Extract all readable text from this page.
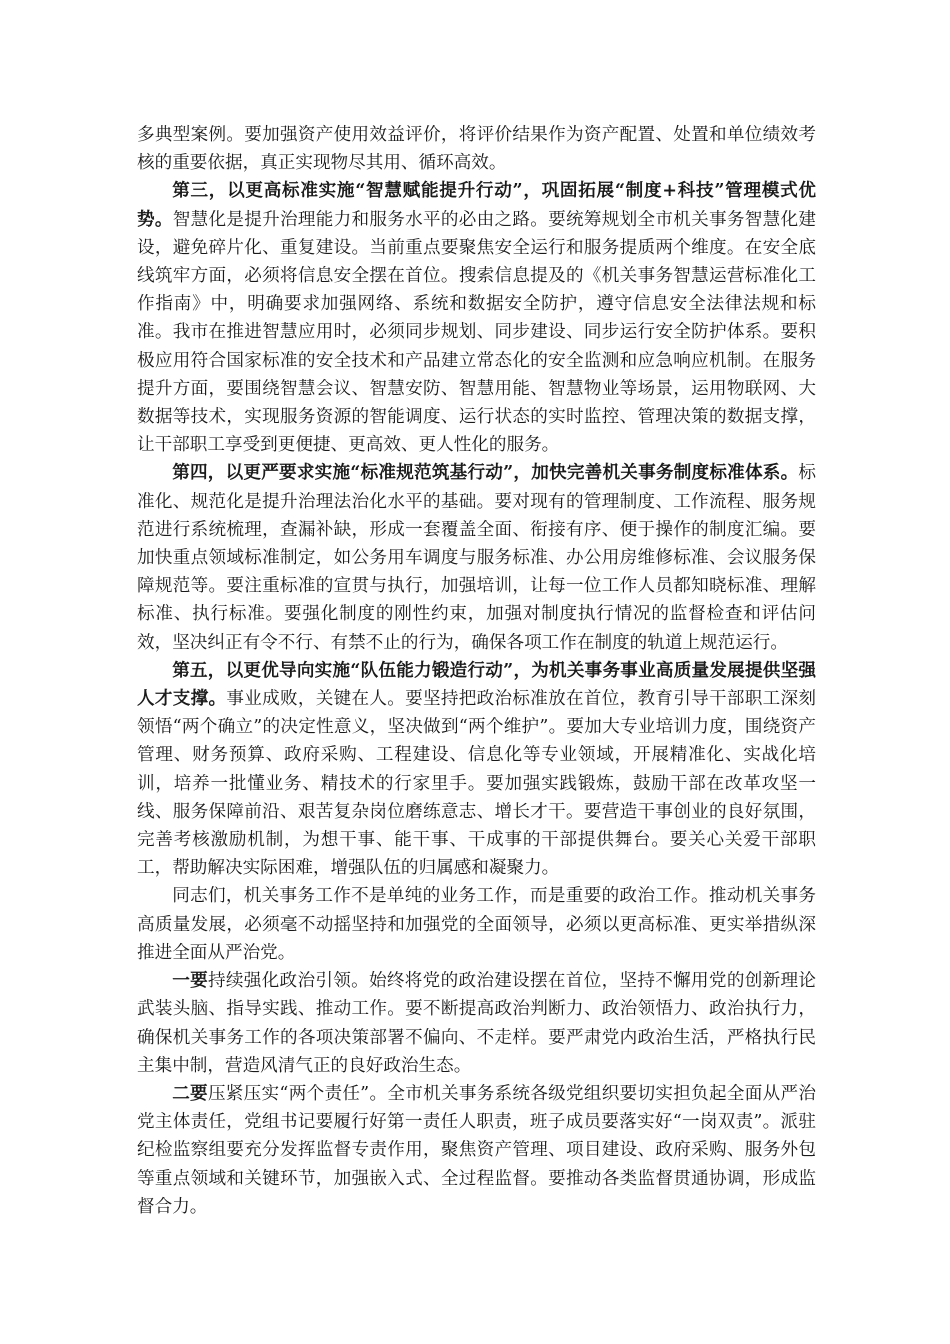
多典型案例。要加强资产使用效益评价，将评价结果作为资产配置、处置和单位绩效考核的重要依据，真正实现物尽其用、循环高效。

第三，以更高标准实施“智慧赋能提升行动”，巩固拓展“制度+科技”管理模式优势。智慧化是提升治理能力和服务水平的必由之路。要统筹规划全市机关事务智慧化建设，避免碎片化、重复建设。当前重点要聚焦安全运行和服务提质两个维度。在安全底线筑牢方面，必须将信息安全摆在首位。搜索信息提及的《机关事务智慧运营标准化工作指南》中，明确要求加强网络、系统和数据安全防护，遵守信息安全法律法规和标准。我市在推进智慧应用时，必须同步规划、同步建设、同步运行安全防护体系。要积极应用符合国家标准的安全技术和产品建立常态化的安全监测和应急响应机制。在服务提升方面，要围绕智慧会议、智慧安防、智慧用能、智慧物业等场景，运用物联网、大数据等技术，实现服务资源的智能调度、运行状态的实时监控、管理决策的数据支撑，让干部职工享受到更便捷、更高效、更人性化的服务。

第四，以更严要求实施“标准规范筑基行动”，加快完善机关事务制度标准体系。标准化、规范化是提升治理法治化水平的基础。要对现有的管理制度、工作流程、服务规范进行系统梳理，查漏补缺，形成一套覆盖全面、衔接有序、便于操作的制度汇编。要加快重点领域标准制定，如公务用车调度与服务标准、办公用房维修标准、会议服务保障规范等。要注重标准的宣贯与执行，加强培训，让每一位工作人员都知晓标准、理解标准、执行标准。要强化制度的刚性约束，加强对制度执行情况的监督检查和评估问效，坚决纠正有令不行、有禁不止的行为，确保各项工作在制度的轨道上规范运行。

第五，以更优导向实施“队伍能力锻造行动”，为机关事务事业高质量发展提供坚强人才支撑。事业成败，关键在人。要坚持把政治标准放在首位，教育引导干部职工深刻领悟“两个确立”的决定性意义，坚决做到“两个维护”。要加大专业培训力度，围绕资产管理、财务预算、政府采购、工程建设、信息化等专业领域，开展精准化、实战化培训，培养一批懂业务、精技术的行家里手。要加强实践锻炼，鼓励干部在改革攻坚一线、服务保障前沿、艰苦复杂岗位磨练意志、增长才干。要营造干事创业的良好氛围，完善考核激励机制，为想干事、能干事、干成事的干部提供舞台。要关心关爱干部职工，帮助解决实际困难，增强队伍的归属感和凝聚力。

同志们，机关事务工作不是单纯的业务工作，而是重要的政治工作。推动机关事务高质量发展，必须毫不动摇坚持和加强党的全面领导，必须以更高标准、更实举措纵深推进全面从严治党。

一要持续强化政治引领。始终将党的政治建设摆在首位，坚持不懈用党的创新理论武装头脑、指导实践、推动工作。要不断提高政治判断力、政治领悟力、政治执行力，确保机关事务工作的各项决策部署不偏向、不走样。要严肃党内政治生活，严格执行民主集中制，营造风清气正的良好政治生态。

二要压紧压实“两个责任”。全市机关事务系统各级党组织要切实担负起全面从严治党主体责任，党组书记要履行好第一责任人职责，班子成员要落实好“一岗双责”。派驻纪检监察组要充分发挥监督专责作用，聚焦资产管理、项目建设、政府采购、服务外包等重点领域和关键环节，加强嵌入式、全过程监督。要推动各类监督贯通协调，形成监督合力。
